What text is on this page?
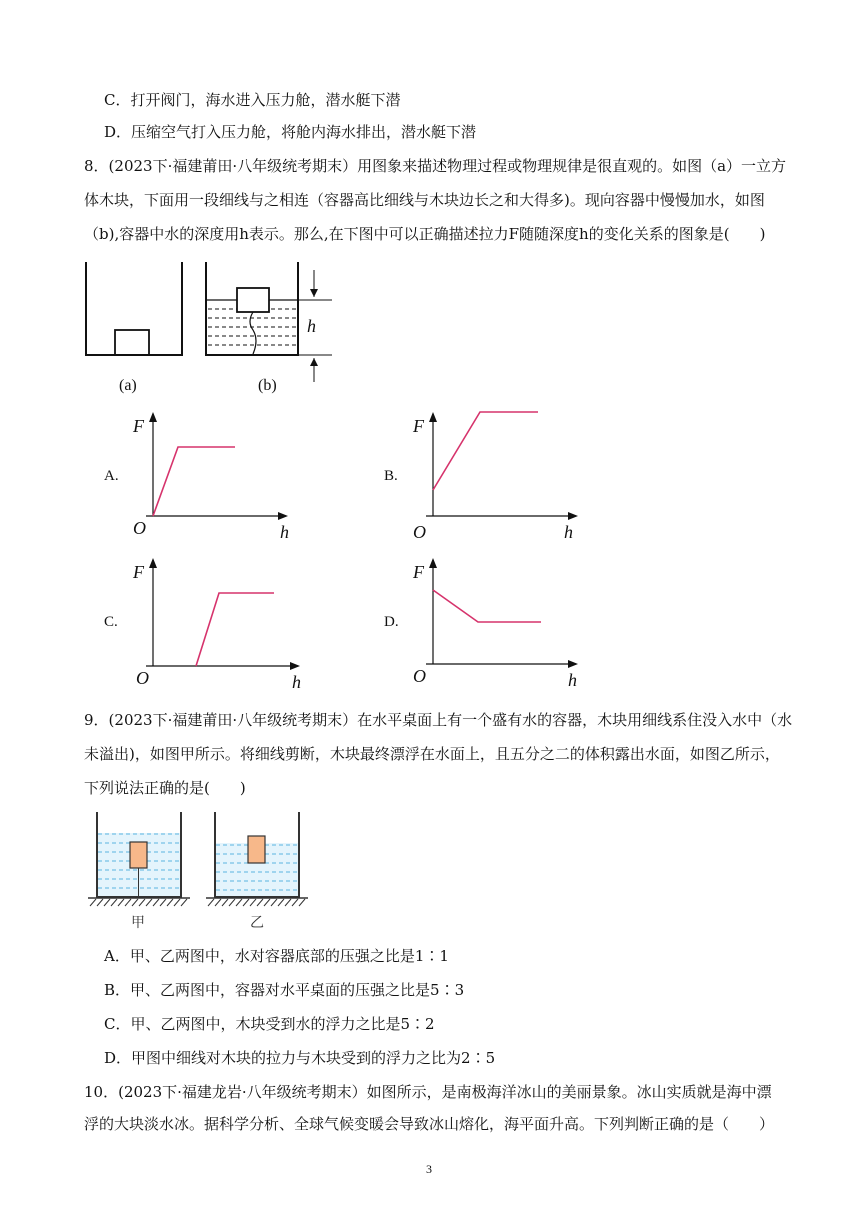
C．打开阀门，海水进入压力舱，潜水艇下潜
D．压缩空气打入压力舱，将舱内海水排出，潜水艇下潜
8．(2023下·福建莆田·八年级统考期末）用图象来描述物理过程或物理规律是很直观的。如图（a）一立方
体木块，下面用一段细线与之相连（容器高比细线与木块边长之和大得多)。现向容器中慢慢加水，如图
（b),容器中水的深度用h表示。那么,在下图中可以正确描述拉力F随随深度h的变化关系的图象是(　　)
(a)	(b)
h
A.	B.
C.	D.
F
O	h
F
O	h
F
O	h
F
O	h
9．(2023下·福建莆田·八年级统考期末）在水平桌面上有一个盛有水的容器，木块用细线系住没入水中（水
未溢出)，如图甲所示。将细线剪断，木块最终漂浮在水面上，且五分之二的体积露出水面，如图乙所示，
下列说法正确的是(　　)
甲	乙
A．甲、乙两图中，水对容器底部的压强之比是1∶1
B．甲、乙两图中，容器对水平桌面的压强之比是5∶3
C．甲、乙两图中，木块受到水的浮力之比是5∶2
D．甲图中细线对木块的拉力与木块受到的浮力之比为2∶5
10．(2023下·福建龙岩·八年级统考期末）如图所示，是南极海洋冰山的美丽景象。冰山实质就是海中漂
浮的大块淡水冰。据科学分析、全球气候变暖会导致冰山熔化，海平面升高。下列判断正确的是（　　）
3
